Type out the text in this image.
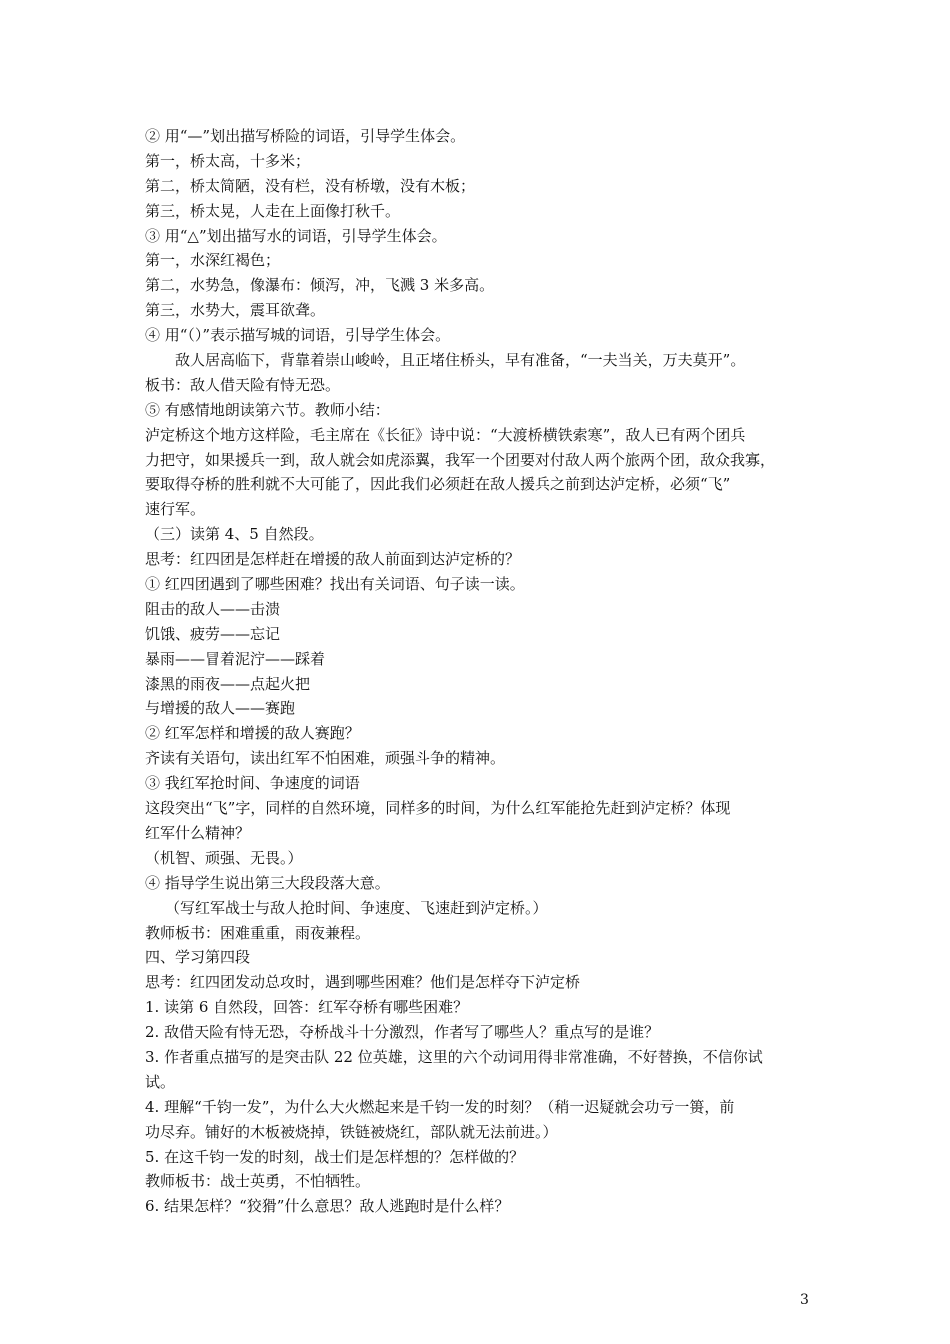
② 用“—”划出描写桥险的词语，引导学生体会。
第一，桥太高，十多米；
第二，桥太简陋，没有栏，没有桥墩，没有木板；
第三，桥太晃，人走在上面像打秋千。
③ 用“△”划出描写水的词语，引导学生体会。
第一，水深红褐色；
第二，水势急，像瀑布：倾泻，冲，飞溅 3 米多高。
第三，水势大，震耳欲聋。
④ 用“（）”表示描写城的词语，引导学生体会。
敌人居高临下，背靠着崇山峻岭，且正堵住桥头，早有准备，“一夫当关，万夫莫开”。
板书：敌人借天险有恃无恐。
⑤ 有感情地朗读第六节。教师小结：
泸定桥这个地方这样险，毛主席在《长征》诗中说：“大渡桥横铁索寒”，敌人已有两个团兵
力把守，如果援兵一到，敌人就会如虎添翼，我军一个团要对付敌人两个旅两个团，敌众我寡，
要取得夺桥的胜利就不大可能了，因此我们必须赶在敌人援兵之前到达泸定桥，必须“飞”
速行军。
（三）读第 4、5 自然段。
思考：红四团是怎样赶在增援的敌人前面到达泸定桥的？
① 红四团遇到了哪些困难？找出有关词语、句子读一读。
阻击的敌人——击溃
饥饿、疲劳——忘记
暴雨——冒着泥泞——踩着
漆黑的雨夜——点起火把
与增援的敌人——赛跑
② 红军怎样和增援的敌人赛跑？
齐读有关语句，读出红军不怕困难，顽强斗争的精神。
③ 我红军抢时间、争速度的词语
这段突出“飞”字，同样的自然环境，同样多的时间，为什么红军能抢先赶到泸定桥？体现
红军什么精神？
（机智、顽强、无畏。）
④ 指导学生说出第三大段段落大意。
（写红军战士与敌人抢时间、争速度、飞速赶到泸定桥。）
教师板书：困难重重，雨夜兼程。
四、学习第四段
思考：红四团发动总攻时，遇到哪些困难？他们是怎样夺下泸定桥
1. 读第 6 自然段，回答：红军夺桥有哪些困难？
2. 敌借天险有恃无恐，夺桥战斗十分激烈，作者写了哪些人？重点写的是谁？
3. 作者重点描写的是突击队 22 位英雄，这里的六个动词用得非常准确，不好替换，不信你试
试。
4. 理解“千钧一发”，为什么大火燃起来是千钧一发的时刻？（稍一迟疑就会功亏一篑，前
功尽弃。铺好的木板被烧掉，铁链被烧红，部队就无法前进。）
5. 在这千钧一发的时刻，战士们是怎样想的？怎样做的？
教师板书：战士英勇，不怕牺牲。
6. 结果怎样？“狡猾”什么意思？敌人逃跑时是什么样？
3
